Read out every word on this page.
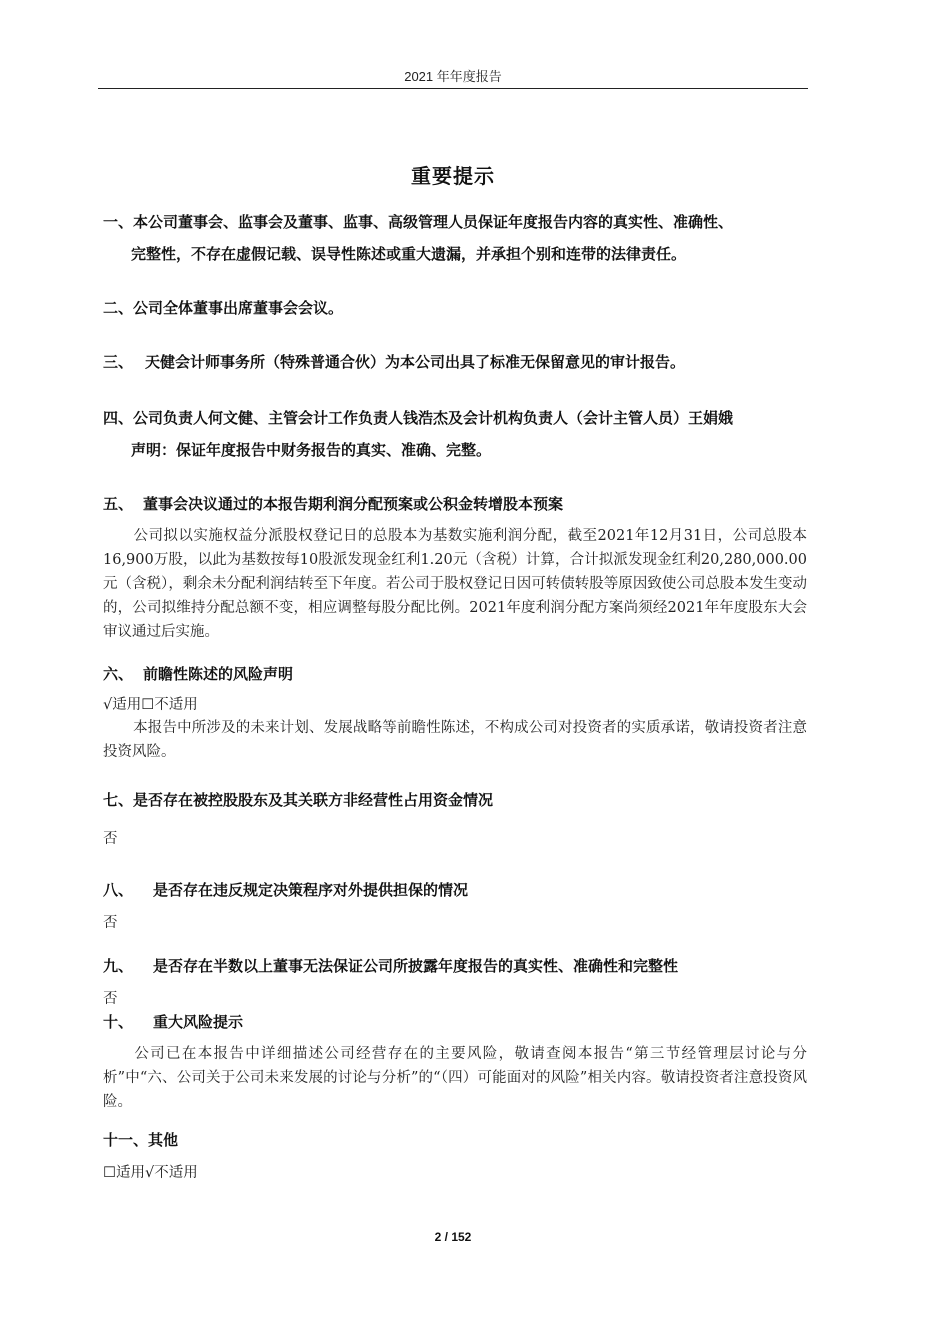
2021 年年度报告
重要提示
一、本公司董事会、监事会及董事、监事、高级管理人员保证年度报告内容的真实性、准确性、
完整性，不存在虚假记载、误导性陈述或重大遗漏，并承担个别和连带的法律责任。
二、公司全体董事出席董事会会议。
三、 天健会计师事务所（特殊普通合伙）为本公司出具了标准无保留意见的审计报告。
四、公司负责人何文健、主管会计工作负责人钱浩杰及会计机构负责人（会计主管人员）王娟娥
声明：保证年度报告中财务报告的真实、准确、完整。
五、 董事会决议通过的本报告期利润分配预案或公积金转增股本预案
公司拟以实施权益分派股权登记日的总股本为基数实施利润分配，截至2021年12月31日，公司总股本16,900万股，以此为基数按每10股派发现金红利1.20元（含税）计算，合计拟派发现金红利20,280,000.00元（含税），剩余未分配利润结转至下年度。若公司于股权登记日因可转债转股等原因致使公司总股本发生变动的，公司拟维持分配总额不变，相应调整每股分配比例。2021年度利润分配方案尚须经2021年年度股东大会审议通过后实施。
六、 前瞻性陈述的风险声明
√适用☐不适用
本报告中所涉及的未来计划、发展战略等前瞻性陈述，不构成公司对投资者的实质承诺，敬请投资者注意投资风险。
七、是否存在被控股股东及其关联方非经营性占用资金情况
否
八、 是否存在违反规定决策程序对外提供担保的情况
否
九、 是否存在半数以上董事无法保证公司所披露年度报告的真实性、准确性和完整性
否
十、 重大风险提示
公司已在本报告中详细描述公司经营存在的主要风险，敬请查阅本报告“第三节经管理层讨论与分析”中“六、公司关于公司未来发展的讨论与分析”的“（四）可能面对的风险”相关内容。敬请投资者注意投资风险。
十一、其他
☐适用√不适用
2 / 152
